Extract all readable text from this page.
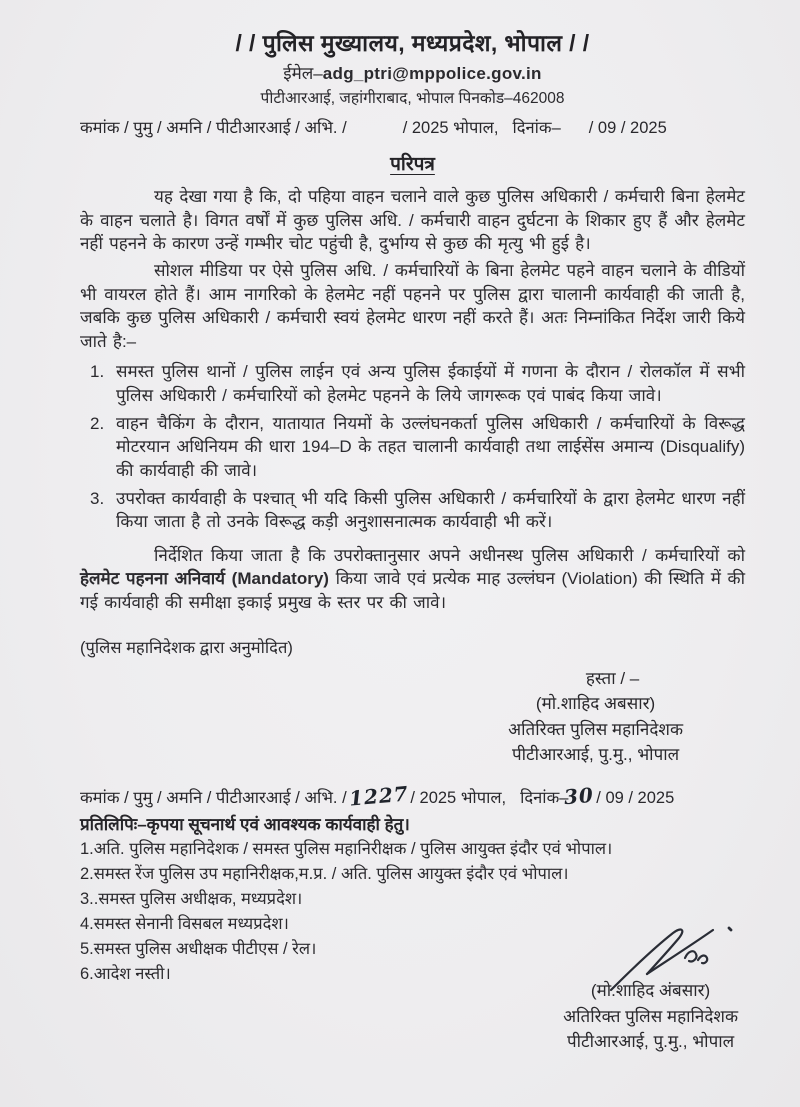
/ / पुलिस मुख्यालय, मध्यप्रदेश, भोपाल / /
ईमेल–adg_ptri@mppolice.gov.in
पीटीआरआई, जहांगीराबाद, भोपाल पिनकोड–462008
कमांक / पुमु / अमनि / पीटीआरआई / अभि. /	/ 2025 भोपाल, दिनांक– / 09 / 2025
परिपत्र

यह देखा गया है कि, दो पहिया वाहन चलाने वाले कुछ पुलिस अधिकारी / कर्मचारी बिना हेलमेट के वाहन चलाते है। विगत वर्षों में कुछ पुलिस अधि. / कर्मचारी वाहन दुर्घटना के शिकार हुए हैं और हेलमेट नहीं पहनने के कारण उन्हें गम्भीर चोट पहुंची है, दुर्भाग्य से कुछ की मृत्यु भी हुई है।

सोशल मीडिया पर ऐसे पुलिस अधि. / कर्मचारियों के बिना हेलमेट पहने वाहन चलाने के वीडियों भी वायरल होते हैं। आम नागरिको के हेलमेट नहीं पहनने पर पुलिस द्वारा चालानी कार्यवाही की जाती है, जबकि कुछ पुलिस अधिकारी / कर्मचारी स्वयं हेलमेट धारण नहीं करते हैं। अतः निम्नांकित निर्देश जारी किये जाते है:–

1. समस्त पुलिस थानों / पुलिस लाईन एवं अन्य पुलिस ईकाईयों में गणना के दौरान / रोलकॉल में सभी पुलिस अधिकारी / कर्मचारियों को हेलमेट पहनने के लिये जागरूक एवं पाबंद किया जावे।
2. वाहन चैकिंग के दौरान, यातायात नियमों के उल्लंघनकर्ता पुलिस अधिकारी / कर्मचारियों के विरूद्ध मोटरयान अधिनियम की धारा 194–D के तहत चालानी कार्यवाही तथा लाईसेंस अमान्य (Disqualify) की कार्यवाही की जावे।
3. उपरोक्त कार्यवाही के पश्चात् भी यदि किसी पुलिस अधिकारी / कर्मचारियों के द्वारा हेलमेट धारण नहीं किया जाता है तो उनके विरूद्ध कड़ी अनुशासनात्मक कार्यवाही भी करें।

निर्देशित किया जाता है कि उपरोक्तानुसार अपने अधीनस्थ पुलिस अधिकारी / कर्मचारियों को हेलमेट पहनना अनिवार्य (Mandatory) किया जावे एवं प्रत्येक माह उल्लंघन (Violation) की स्थिति में की गई कार्यवाही की समीक्षा इकाई प्रमुख के स्तर पर की जावे।

(पुलिस महानिदेशक द्वारा अनुमोदित)
हस्ता / –
(मो.शाहिद अबसार)
अतिरिक्त पुलिस महानिदेशक
पीटीआरआई, पु.मु., भोपाल
कमांक / पुमु / अमनि / पीटीआरआई / अभि. /1227/ 2025 भोपाल, दिनांक–30/ 09 / 2025
प्रतिलिपिः–कृपया सूचनार्थ एवं आवश्यक कार्यवाही हेतु।
1.अति. पुलिस महानिदेशक / समस्त पुलिस महानिरीक्षक / पुलिस आयुक्त इंदौर एवं भोपाल।
2.समस्त रेंज पुलिस उप महानिरीक्षक,म.प्र. / अति. पुलिस आयुक्त इंदौर एवं भोपाल।
3..समस्त पुलिस अधीक्षक, मध्यप्रदेश।
4.समस्त सेनानी विसबल मध्यप्रदेश।
5.समस्त पुलिस अधीक्षक पीटीएस / रेल।
6.आदेश नस्ती।
(मो.शाहिद अंबसार)
अतिरिक्त पुलिस महानिदेशक
पीटीआरआई, पु.मु., भोपाल
